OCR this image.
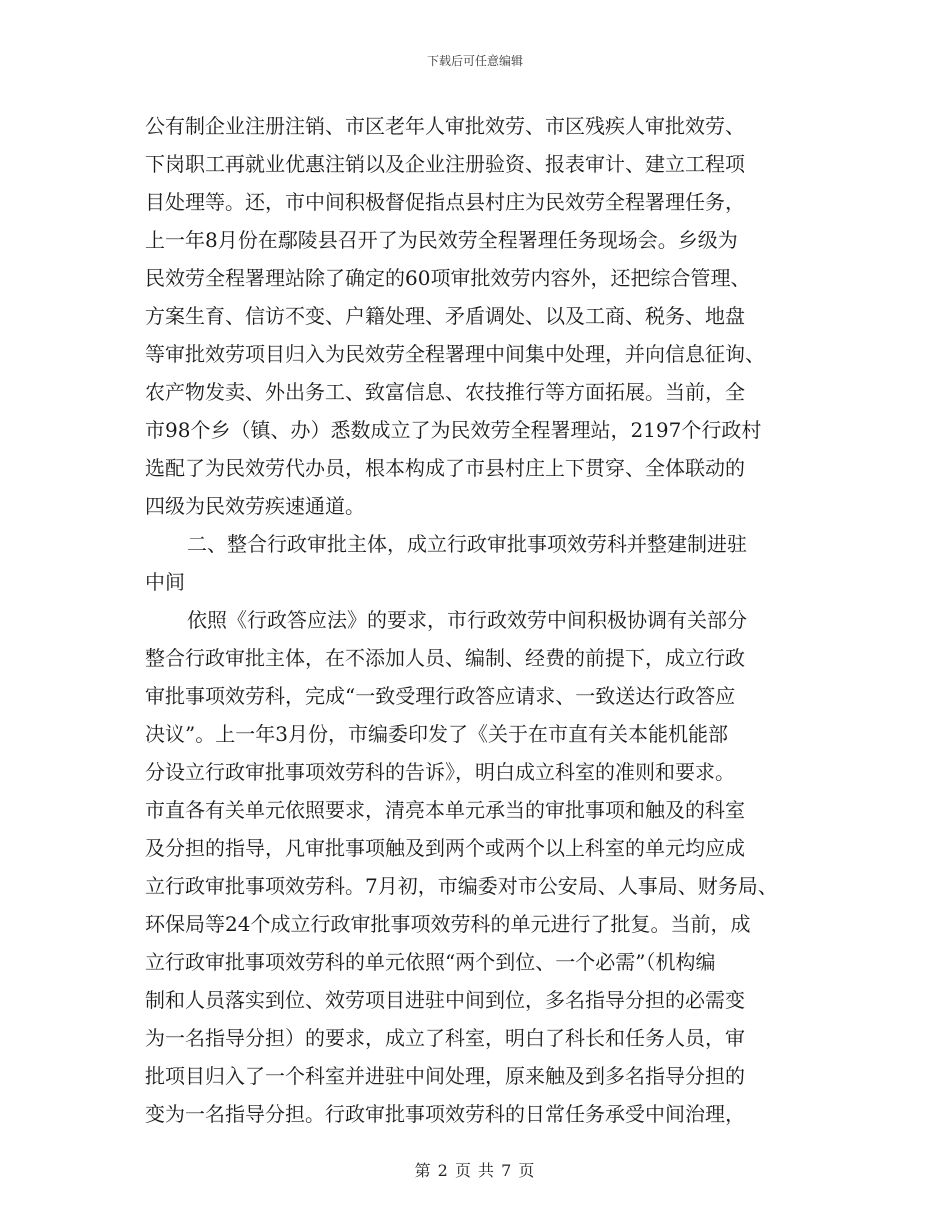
下载后可任意编辑
公有制企业注册注销、市区老年人审批效劳、市区残疾人审批效劳、
下岗职工再就业优惠注销以及企业注册验资、报表审计、建立工程项
目处理等。还，市中间积极督促指点县村庄为民效劳全程署理任务，
上一年8月份在鄢陵县召开了为民效劳全程署理任务现场会。乡级为
民效劳全程署理站除了确定的60项审批效劳内容外，还把综合管理、
方案生育、信访不变、户籍处理、矛盾调处、以及工商、税务、地盘
等审批效劳项目归入为民效劳全程署理中间集中处理，并向信息征询、
农产物发卖、外出务工、致富信息、农技推行等方面拓展。当前，全
市98个乡（镇、办）悉数成立了为民效劳全程署理站，2197个行政村
选配了为民效劳代办员，根本构成了市县村庄上下贯穿、全体联动的
四级为民效劳疾速通道。
二、整合行政审批主体，成立行政审批事项效劳科并整建制进驻
中间
依照《行政答应法》的要求，市行政效劳中间积极协调有关部分
整合行政审批主体，在不添加人员、编制、经费的前提下，成立行政
审批事项效劳科，完成“一致受理行政答应请求、一致送达行政答应
决议”。上一年3月份，市编委印发了《关于在市直有关本能机能部
分设立行政审批事项效劳科的告诉》，明白成立科室的准则和要求。
市直各有关单元依照要求，清亮本单元承当的审批事项和触及的科室
及分担的指导，凡审批事项触及到两个或两个以上科室的单元均应成
立行政审批事项效劳科。7月初，市编委对市公安局、人事局、财务局、
环保局等24个成立行政审批事项效劳科的单元进行了批复。当前，成
立行政审批事项效劳科的单元依照“两个到位、一个必需”（机构编
制和人员落实到位、效劳项目进驻中间到位，多名指导分担的必需变
为一名指导分担）的要求，成立了科室，明白了科长和任务人员，审
批项目归入了一个科室并进驻中间处理，原来触及到多名指导分担的
变为一名指导分担。行政审批事项效劳科的日常任务承受中间治理，
第 2 页 共 7 页
